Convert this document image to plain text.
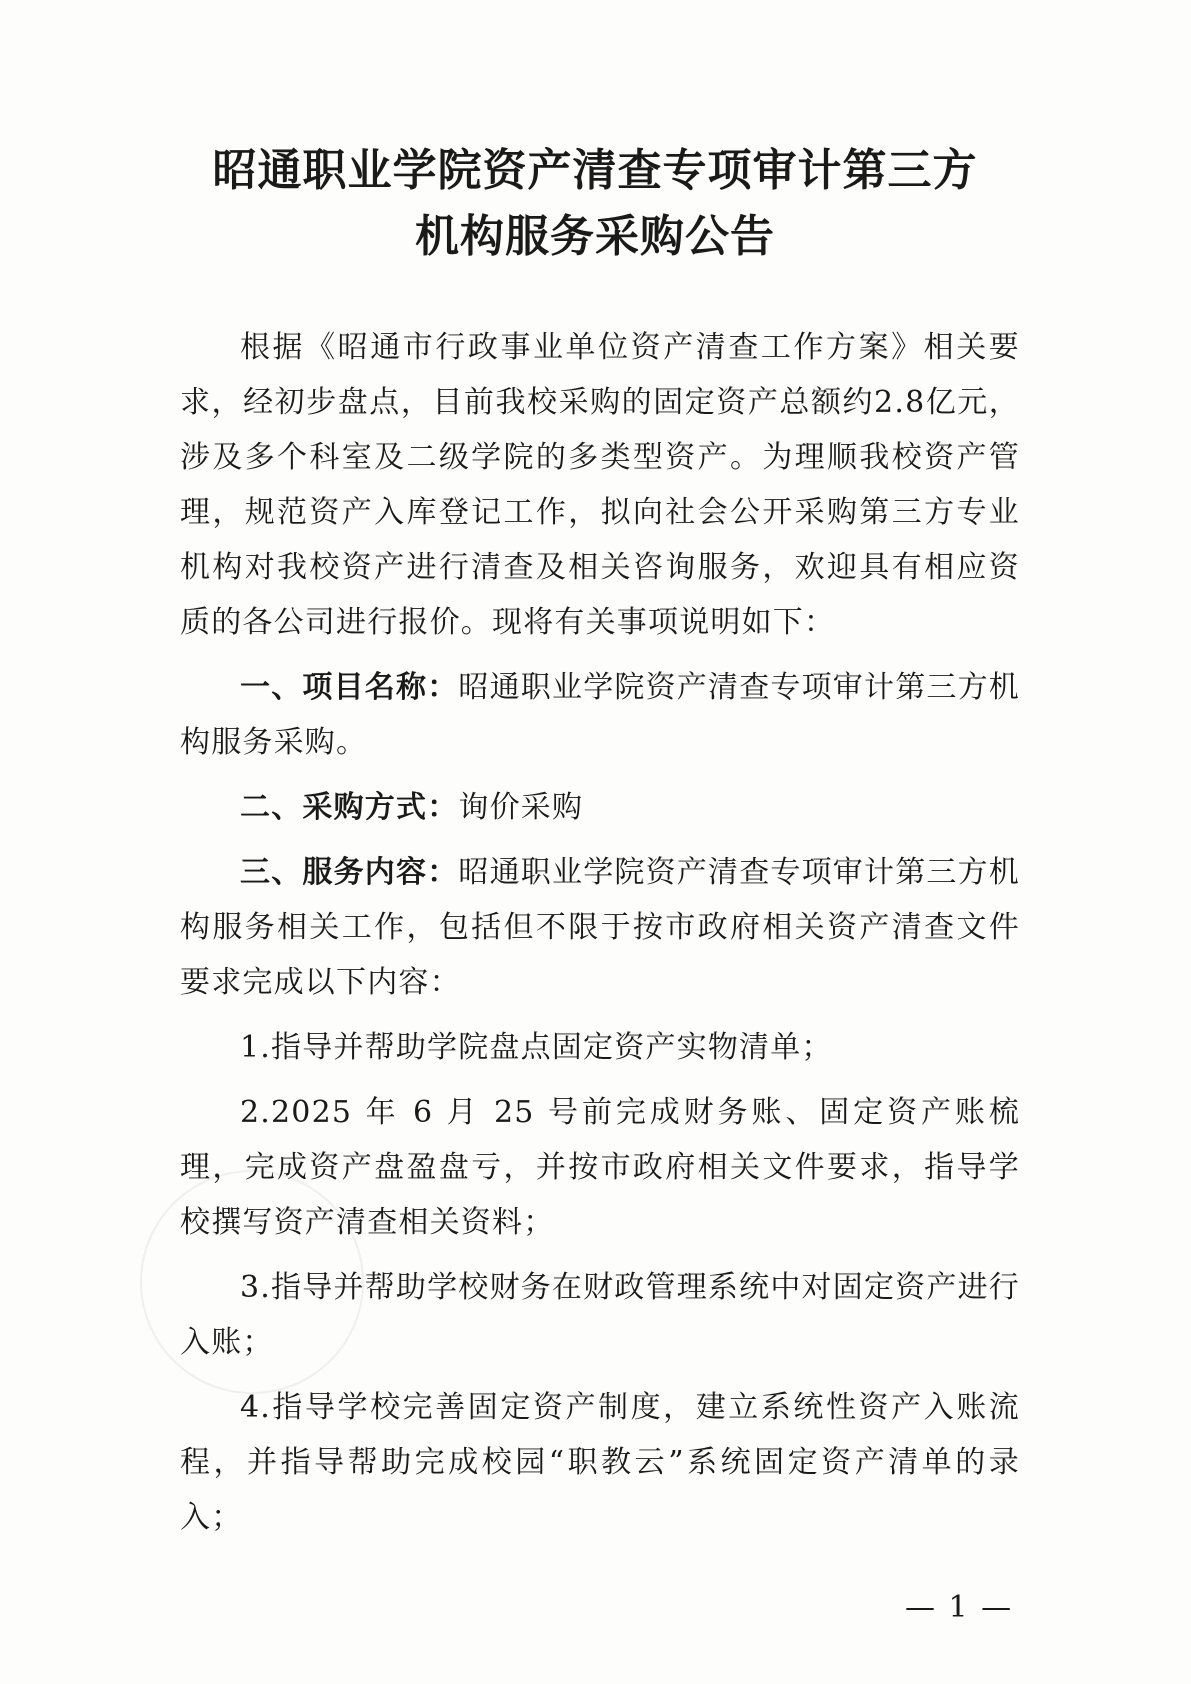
昭通职业学院资产清查专项审计第三方
机构服务采购公告

根据《昭通市行政事业单位资产清查工作方案》相关要求，经初步盘点，目前我校采购的固定资产总额约2.8亿元，涉及多个科室及二级学院的多类型资产。为理顺我校资产管理，规范资产入库登记工作，拟向社会公开采购第三方专业机构对我校资产进行清查及相关咨询服务，欢迎具有相应资质的各公司进行报价。现将有关事项说明如下：

一、项目名称：昭通职业学院资产清查专项审计第三方机构服务采购。

二、采购方式：询价采购

三、服务内容：昭通职业学院资产清查专项审计第三方机构服务相关工作，包括但不限于按市政府相关资产清查文件要求完成以下内容：

1.指导并帮助学院盘点固定资产实物清单；

2.2025 年 6 月 25 号前完成财务账、固定资产账梳理，完成资产盘盈盘亏，并按市政府相关文件要求，指导学校撰写资产清查相关资料；

3.指导并帮助学校财务在财政管理系统中对固定资产进行入账；

4.指导学校完善固定资产制度，建立系统性资产入账流程，并指导帮助完成校园“职教云”系统固定资产清单的录入；

— 1 —
